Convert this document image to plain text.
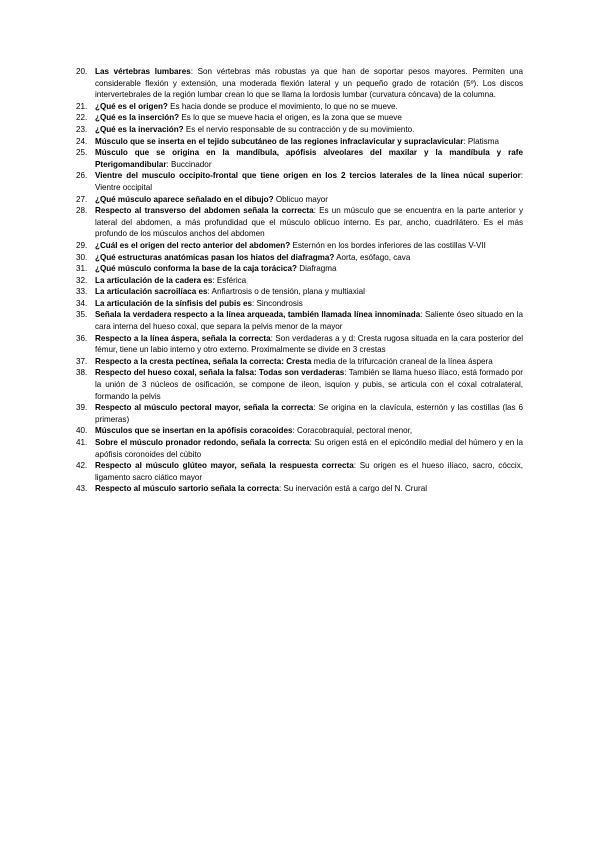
20. Las vértebras lumbares: Son vértebras más robustas ya que han de soportar pesos mayores. Permiten una considerable flexión y extensión, una moderada flexión lateral y un pequeño grado de rotación (5º). Los discos intervertebrales de la región lumbar crean lo que se llama la lordosis lumbar (curvatura cóncava) de la columna.
21. ¿Qué es el origen? Es hacia donde se produce el movimiento, lo que no se mueve.
22. ¿Qué es la inserción? Es lo que se mueve hacia el origen, es la zona que se mueve
23. ¿Qué es la inervación? Es el nervio responsable de su contracción y de su movimiento.
24. Músculo que se inserta en el tejido subcutáneo de las regiones infraclavicular y supraclavicular: Platisma
25. Músculo que se origina en la mandíbula, apófisis alveolares del maxilar y la mandíbula y rafe Pterigomandibular: Buccinador
26. Vientre del musculo occipito-frontal que tiene origen en los 2 tercios laterales de la línea núcal superior: Vientre occipital
27. ¿Qué músculo aparece señalado en el dibujo? Oblicuo mayor
28. Respecto al transverso del abdomen señala la correcta: Es un músculo que se encuentra en la parte anterior y lateral del abdomen, a más profundidad que el músculo oblicuo interno. Es par, ancho, cuadrilátero. Es el más profundo de los músculos anchos del abdomen
29. ¿Cuál es el origen del recto anterior del abdomen? Esternón en los bordes inferiores de las costillas V-VII
30. ¿Qué estructuras anatómicas pasan los hiatos del diafragma? Aorta, esófago, cava
31. ¿Qué músculo conforma la base de la caja torácica? Diafragma
32. La articulación de la cadera es: Esférica
33. La articulación sacroilíaca es: Anfiartrosis o de tensión, plana y multiaxial
34. La articulación de la sínfisis del pubis es: Sincondrosis
35. Señala la verdadera respecto a la línea arqueada, también llamada línea innominada: Saliente óseo situado en la cara interna del hueso coxal, que separa la pelvis menor de la mayor
36. Respecto a la línea áspera, señala la correcta: Son verdaderas a y d: Cresta rugosa situada en la cara posterior del fémur, tiene un labio interno y otro externo. Proximalmente se divide en 3 crestas
37. Respecto a la cresta pectínea, señala la correcta: Cresta media de la trifurcación craneal de la línea áspera
38. Respecto del hueso coxal, señala la falsa: Todas son verdaderas: También se llama hueso ilíaco, está formado por la unión de 3 núcleos de osificación, se compone de ileon, isquion y pubis, se articula con el coxal cotralateral, formando la pelvis
39. Respecto al músculo pectoral mayor, señala la correcta: Se origina en la clavícula, esternón y las costillas (las 6 primeras)
40. Músculos que se insertan en la apófisis coracoides: Coracobraquial, pectoral menor,
41. Sobre el músculo pronador redondo, señala la correcta: Su origen está en el epicóndilo medial del húmero y en la apófisis coronoides del cúbito
42. Respecto al músculo glúteo mayor, señala la respuesta correcta: Su origen es el hueso ilíaco, sacro, cóccix, ligamento sacro ciático mayor
43. Respecto al músculo sartorio señala la correcta: Su inervación está a cargo del N. Crural
